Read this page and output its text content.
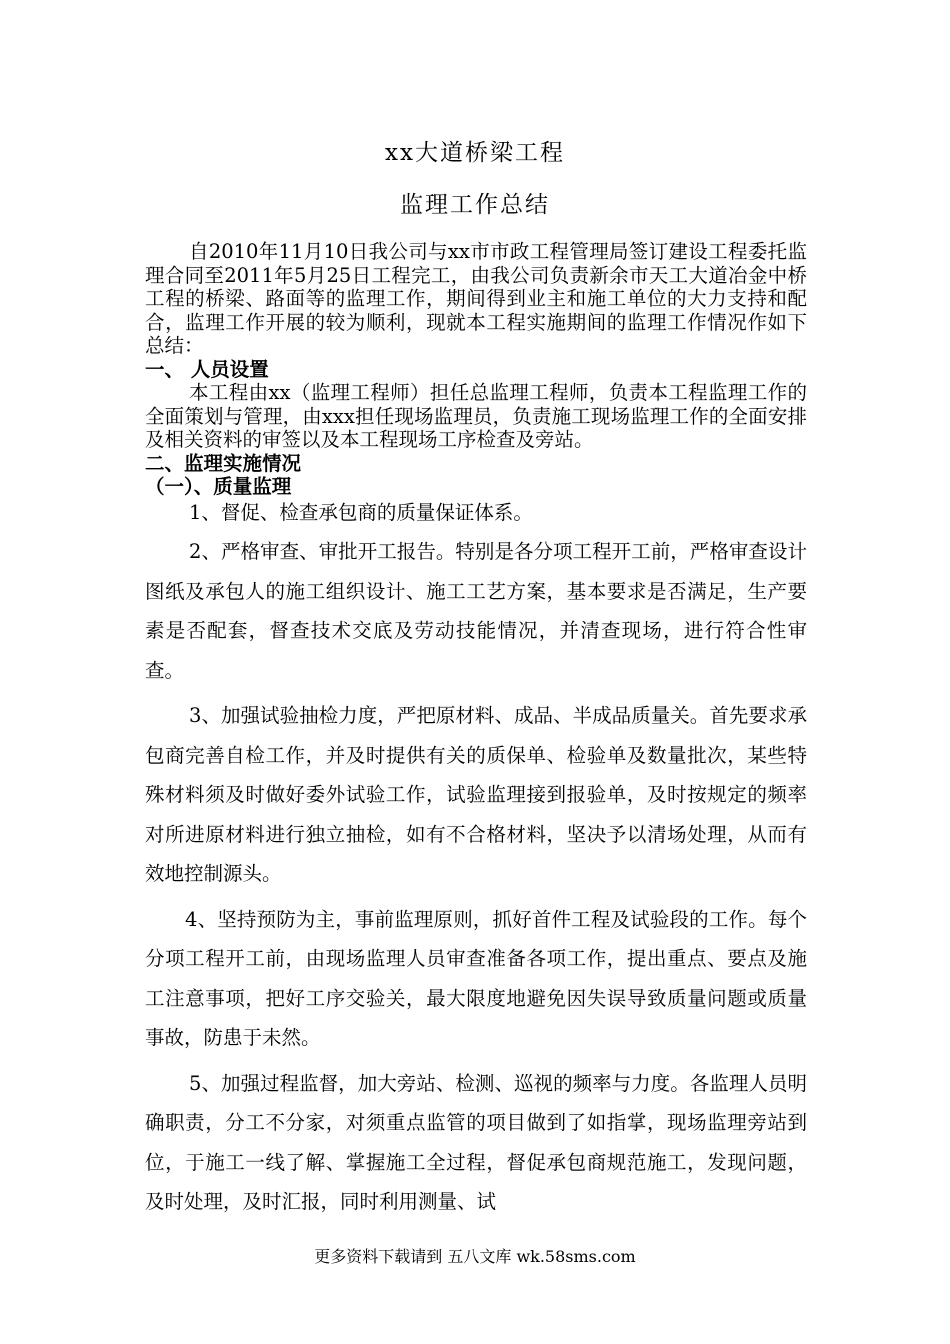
xx大道桥梁工程
监理工作总结

自2010年11月10日我公司与xx市市政工程管理局签订建设工程委托监理合同至2011年5月25日工程完工，由我公司负责新余市天工大道冶金中桥工程的桥梁、路面等的监理工作，期间得到业主和施工单位的大力支持和配合，监理工作开展的较为顺利，现就本工程实施期间的监理工作情况作如下总结：

一、 人员设置

本工程由xx（监理工程师）担任总监理工程师，负责本工程监理工作的全面策划与管理，由xxx担任现场监理员，负责施工现场监理工作的全面安排及相关资料的审签以及本工程现场工序检查及旁站。

二、监理实施情况

（一）、质量监理

1、督促、检查承包商的质量保证体系。

2、严格审查、审批开工报告。特别是各分项工程开工前，严格审查设计图纸及承包人的施工组织设计、施工工艺方案，基本要求是否满足，生产要素是否配套，督查技术交底及劳动技能情况，并清查现场，进行符合性审查。

3、加强试验抽检力度，严把原材料、成品、半成品质量关。首先要求承包商完善自检工作，并及时提供有关的质保单、检验单及数量批次，某些特殊材料须及时做好委外试验工作，试验监理接到报验单，及时按规定的频率对所进原材料进行独立抽检，如有不合格材料，坚决予以清场处理，从而有效地控制源头。

4、坚持预防为主，事前监理原则，抓好首件工程及试验段的工作。每个分项工程开工前，由现场监理人员审查准备各项工作，提出重点、要点及施工注意事项，把好工序交验关，最大限度地避免因失误导致质量问题或质量事故，防患于未然。

5、加强过程监督，加大旁站、检测、巡视的频率与力度。各监理人员明确职责，分工不分家，对须重点监管的项目做到了如指掌，现场监理旁站到位，于施工一线了解、掌握施工全过程，督促承包商规范施工，发现问题，及时处理，及时汇报，同时利用测量、试

更多资料下载请到 五八文库 wk.58sms.com
